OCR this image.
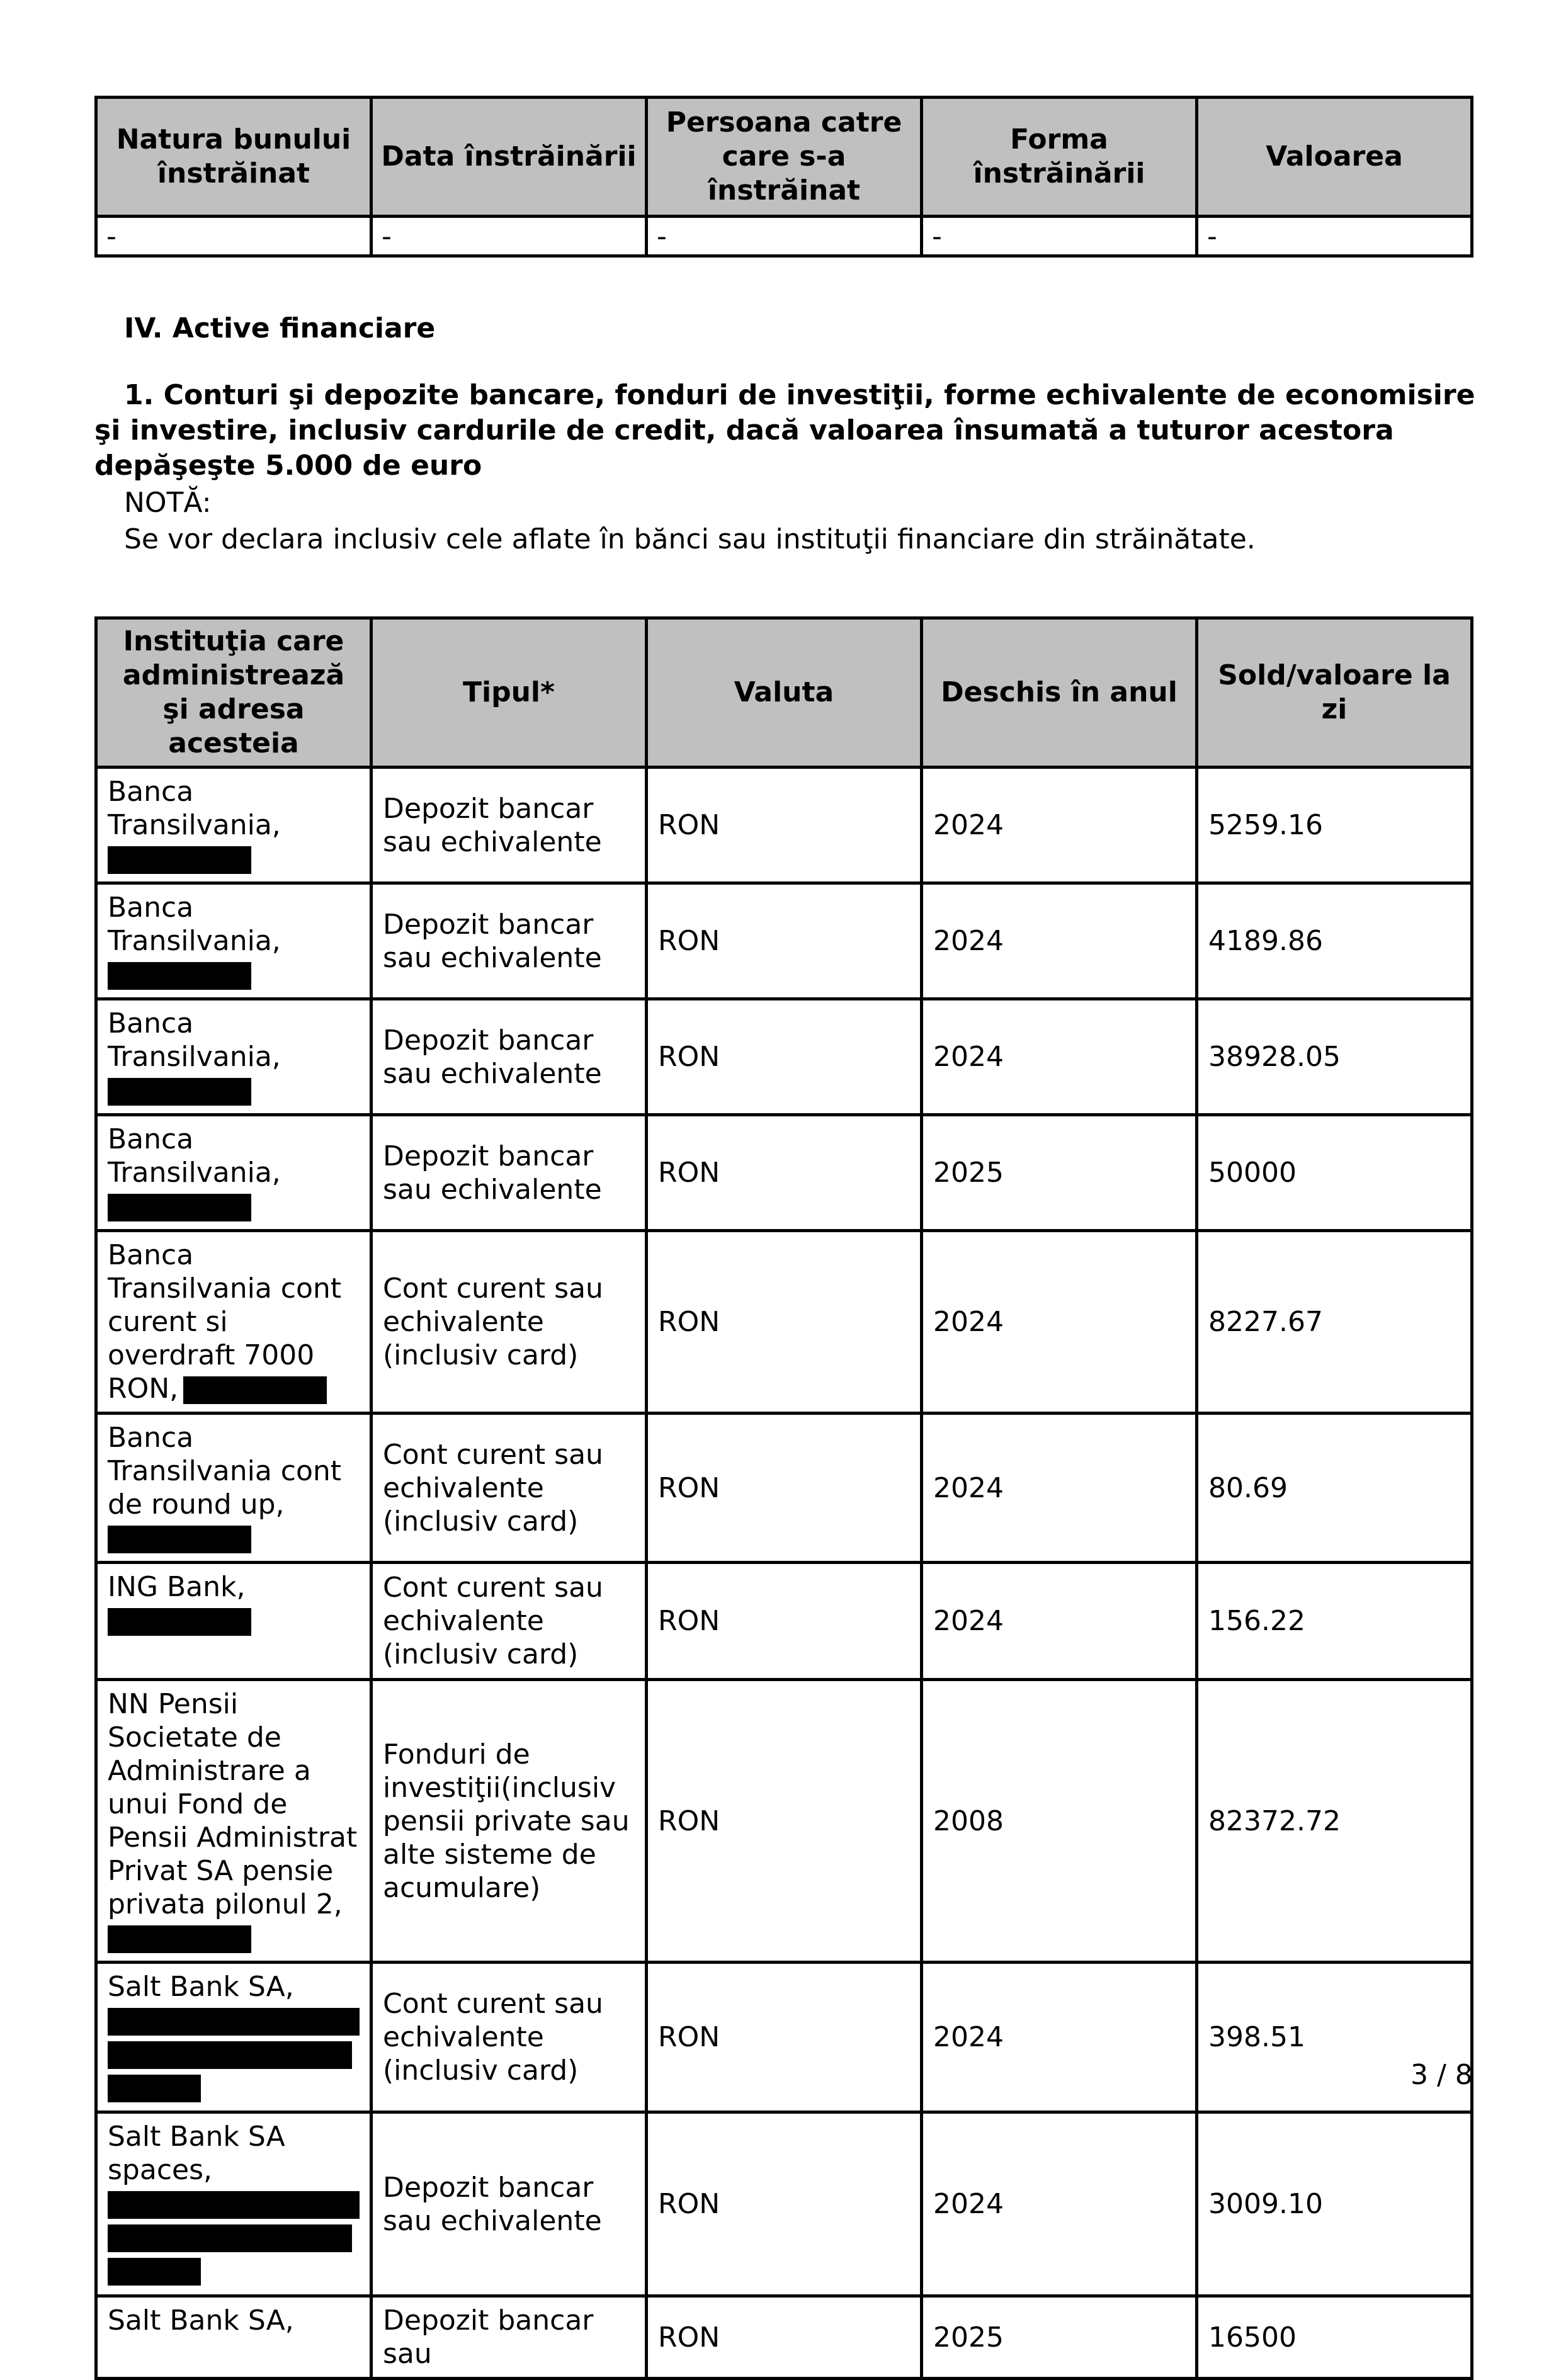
Natura bunului înstrăinat	Data înstrăinării	Persoana catre care s-a înstrăinat	Forma înstrăinării	Valoarea
-	-	-	-	-
IV. Active financiare
1. Conturi şi depozite bancare, fonduri de investiţii, forme echivalente de economisire şi investire, inclusiv cardurile de credit, dacă valoarea însumată a tuturor acestora depăşeşte 5.000 de euro
NOTĂ:
Se vor declara inclusiv cele aflate în bănci sau instituţii financiare din străinătate.
Instituţia care administrează şi adresa acesteia	Tipul*	Valuta	Deschis în anul	Sold/valoare la zi
Banca Transilvania,	Depozit bancar sau echivalente	RON	2024	5259.16
Banca Transilvania,	Depozit bancar sau echivalente	RON	2024	4189.86
Banca Transilvania,	Depozit bancar sau echivalente	RON	2024	38928.05
Banca Transilvania,	Depozit bancar sau echivalente	RON	2025	50000
Banca Transilvania cont curent si overdraft 7000 RON,	Cont curent sau echivalente (inclusiv card)	RON	2024	8227.67
Banca Transilvania cont de round up,	Cont curent sau echivalente (inclusiv card)	RON	2024	80.69
ING Bank,	Cont curent sau echivalente (inclusiv card)	RON	2024	156.22
NN Pensii Societate de Administrare a unui Fond de Pensii Administrat Privat SA pensie privata pilonul 2,	Fonduri de investiţii(inclusiv pensii private sau alte sisteme de acumulare)	RON	2008	82372.72
Salt Bank SA,	Cont curent sau echivalente (inclusiv card)	RON	2024	398.51
Salt Bank SA spaces,	Depozit bancar sau echivalente	RON	2024	3009.10
Salt Bank SA,	Depozit bancar sau	RON	2025	16500
3 / 8
